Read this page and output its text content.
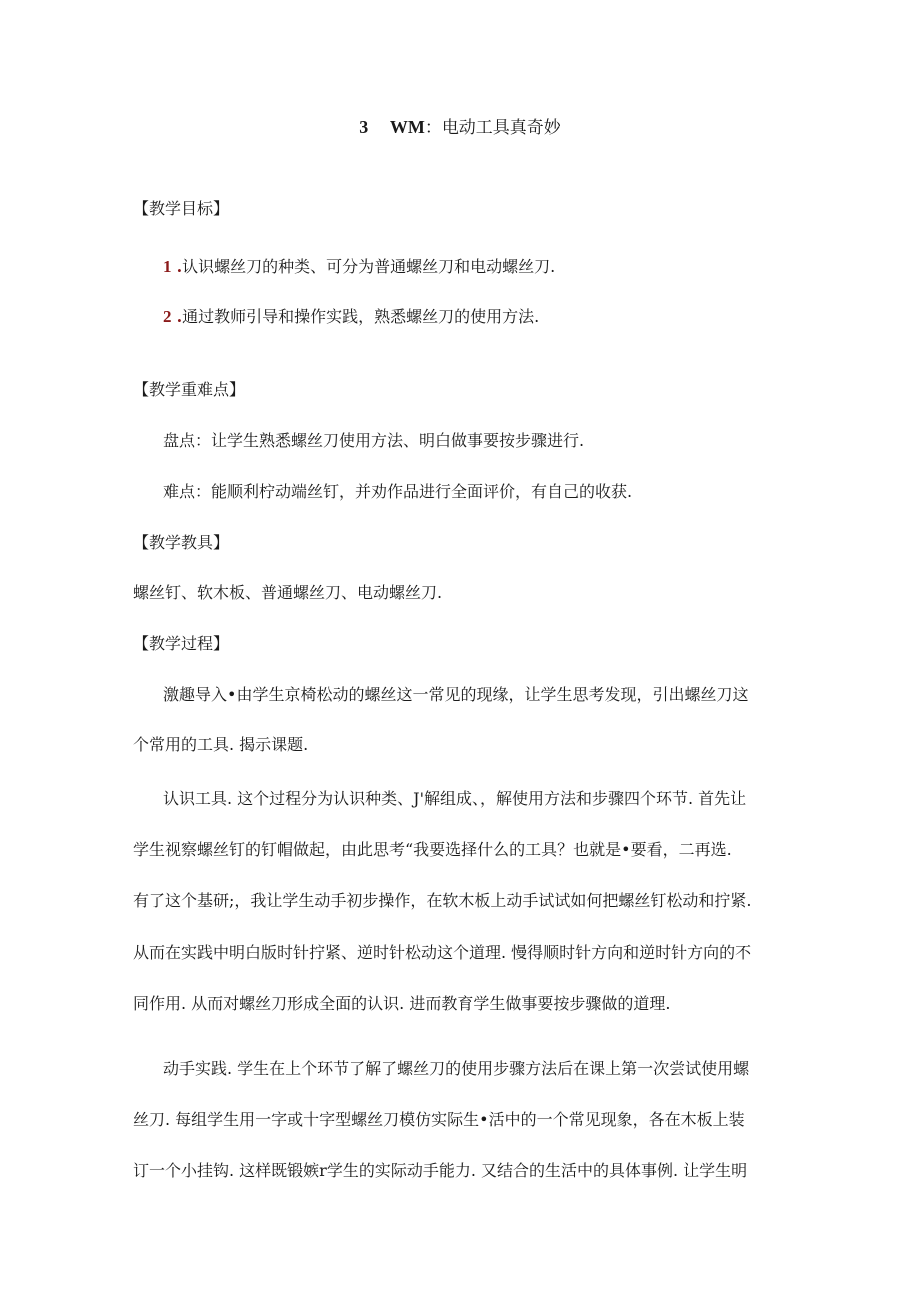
3 WM：电动工具真奇妙
【教学目标】
1 .认识螺丝刀的种类、可分为普通螺丝刀和电动螺丝刀.
2 .通过教师引导和操作实践，熟悉螺丝刀的使用方法.
【教学重难点】
盘点：让学生熟悉螺丝刀使用方法、明白做事要按步骤进行.
难点：能顺利柠动端丝钉，并劝作品进行全面评价，有自己的收获.
【教学教具】
螺丝钉、软木板、普通螺丝刀、电动螺丝刀.
【教学过程】
激趣导入•由学生京椅松动的螺丝这一常见的现缘，让学生思考发现，引出螺丝刀这
个常用的工具. 揭示课题.
认识工具. 这个过程分为认识种类、J'解组成、，解使用方法和步骤四个环节. 首先让
学生视察螺丝钉的钉帽做起，由此思考“我要选择什么的工具？也就是•要看，二再选.
有了这个基研;，我让学生动手初步操作，在软木板上动手试试如何把螺丝钉松动和拧紧.
从而在实践中明白版时针拧紧、逆时针松动这个道理. 慢得顺时针方向和逆时针方向的不
同作用. 从而对螺丝刀形成全面的认识. 进而教育学生做事要按步骤做的道理.
动手实践. 学生在上个环节了解了螺丝刀的使用步骤方法后在课上第一次尝试使用螺
丝刀. 每组学生用一字或十字型螺丝刀模仿实际生•活中的一个常见现象，各在木板上装
订一个小挂钩. 这样既锻嫉r学生的实际动手能力. 又结合的生活中的具体事例. 让学生明
